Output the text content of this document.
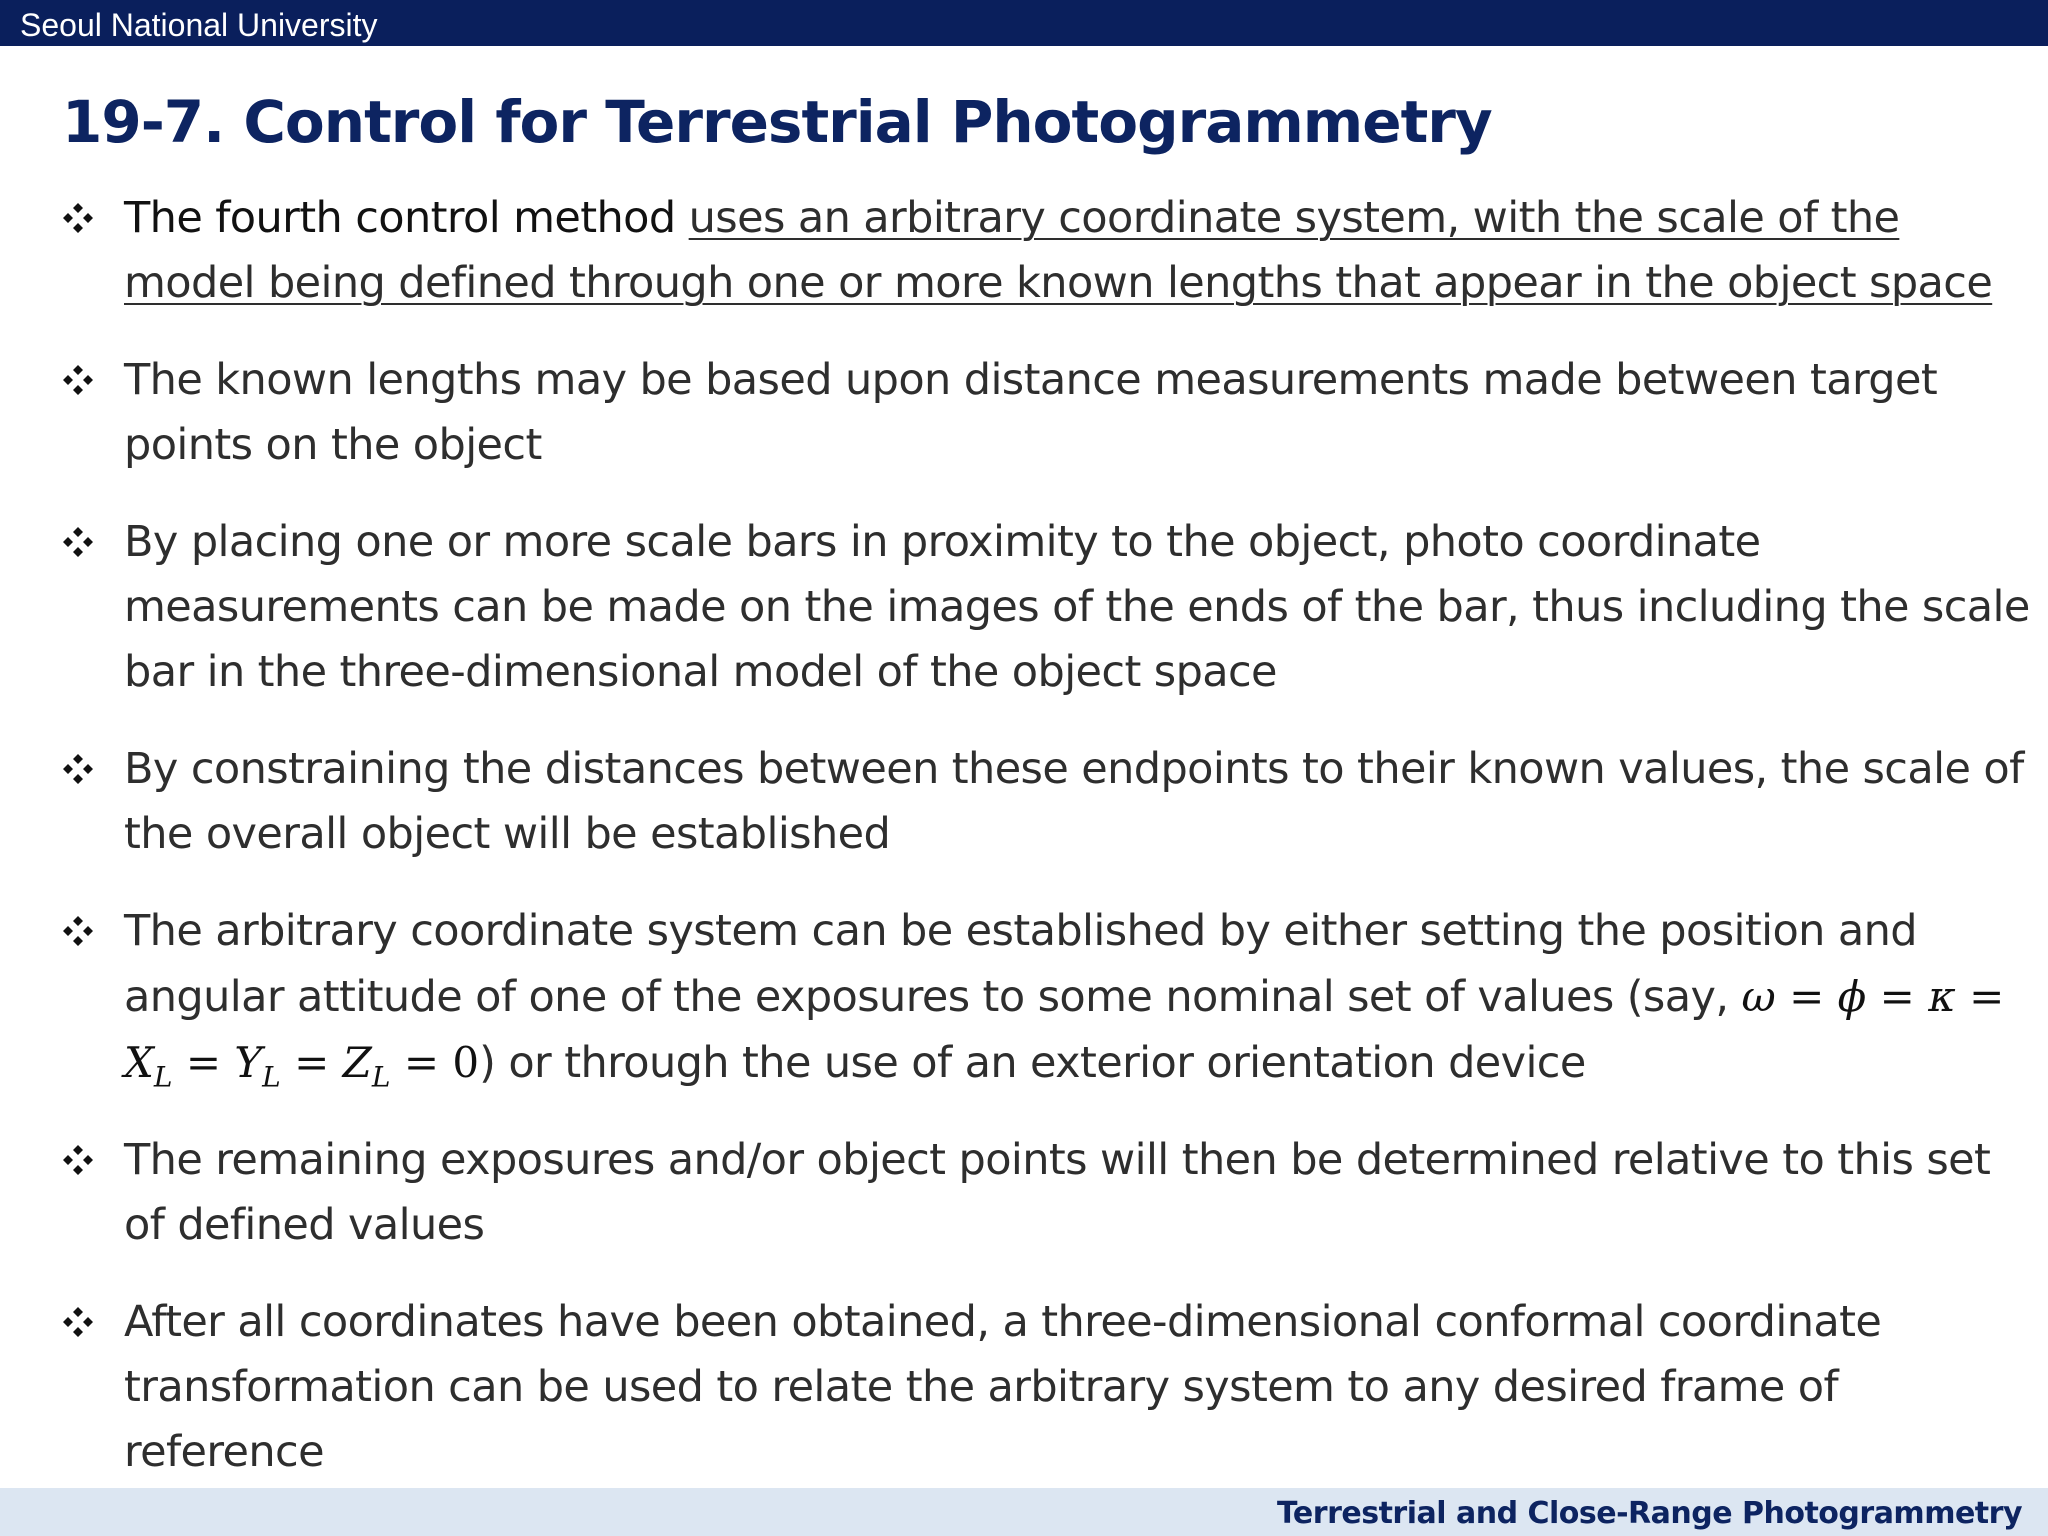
Seoul National University
19-7. Control for Terrestrial Photogrammetry
The fourth control method uses an arbitrary coordinate system, with the scale of the model being defined through one or more known lengths that appear in the object space
The known lengths may be based upon distance measurements made between target points on the object
By placing one or more scale bars in proximity to the object, photo coordinate measurements can be made on the images of the ends of the bar, thus including the scale bar in the three-dimensional model of the object space
By constraining the distances between these endpoints to their known values, the scale of the overall object will be established
The arbitrary coordinate system can be established by either setting the position and angular attitude of one of the exposures to some nominal set of values (say, $\omega = \phi = \kappa = X_L = Y_L = Z_L = 0$) or through the use of an exterior orientation device
The remaining exposures and/or object points will then be determined relative to this set of defined values
After all coordinates have been obtained, a three-dimensional conformal coordinate transformation can be used to relate the arbitrary system to any desired frame of reference
Terrestrial and Close-Range Photogrammetry
